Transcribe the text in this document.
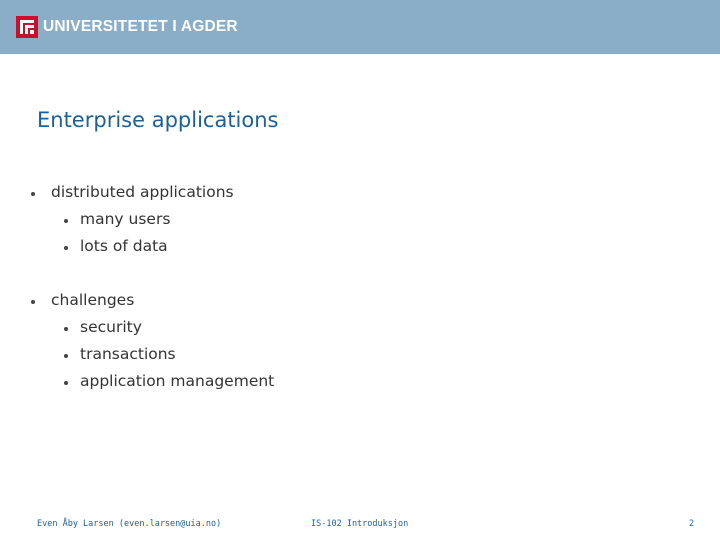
UNIVERSITETET I AGDER
Enterprise applications
distributed applications
many users
lots of data
challenges
security
transactions
application management
Even Åby Larsen (even.larsen@uia.no)	IS-102 Introduksjon	2
